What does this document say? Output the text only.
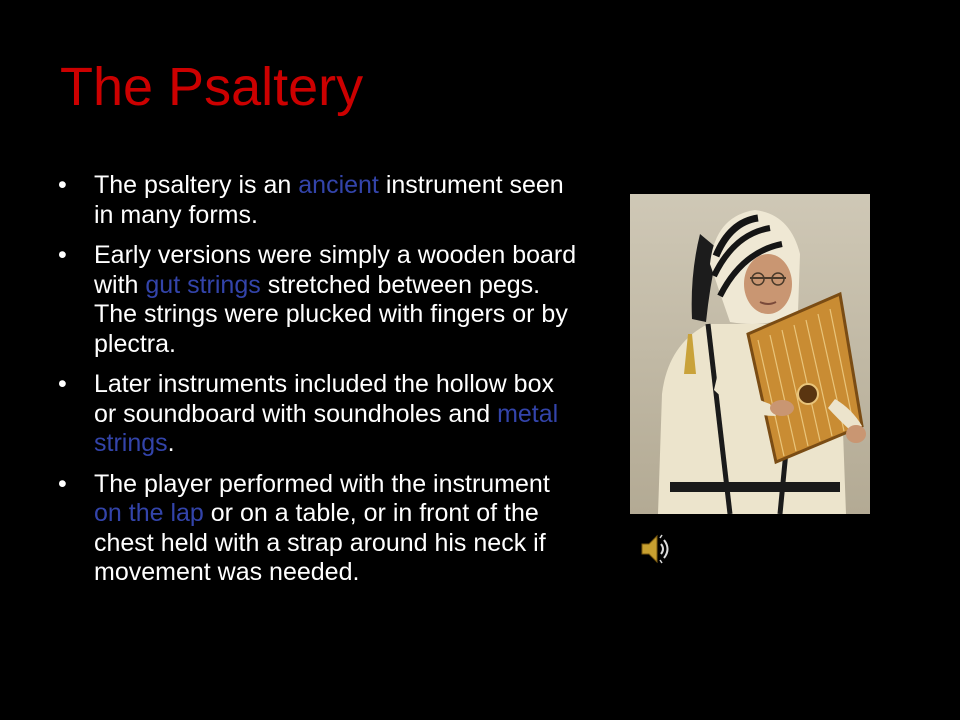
The Psaltery
• The psaltery is an ancient instrument seen in many forms.
• Early versions were simply a wooden board with gut strings stretched between pegs. The strings were plucked with fingers or by plectra.
• Later instruments included the hollow box or soundboard with soundholes and metal strings.
• The player performed with the instrument on the lap or on a table, or in front of the chest held with a strap around his neck if movement was needed.
